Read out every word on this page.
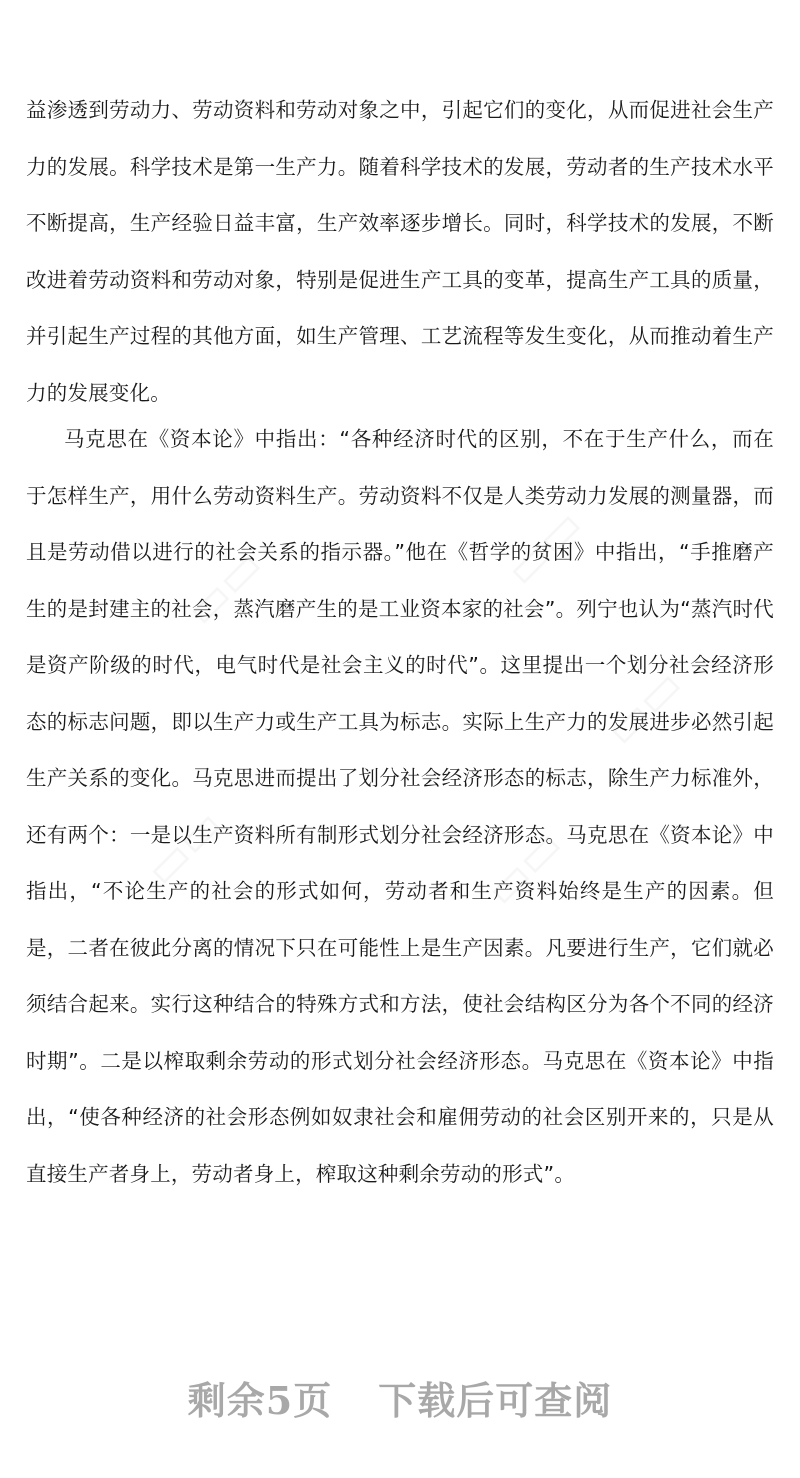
益渗透到劳动力、劳动资料和劳动对象之中，引起它们的变化，从而促进社会生产力的发展。科学技术是第一生产力。随着科学技术的发展，劳动者的生产技术水平不断提高，生产经验日益丰富，生产效率逐步增长。同时，科学技术的发展，不断改进着劳动资料和劳动对象，特别是促进生产工具的变革，提高生产工具的质量，并引起生产过程的其他方面，如生产管理、工艺流程等发生变化，从而推动着生产力的发展变化。

马克思在《资本论》中指出：“各种经济时代的区别，不在于生产什么，而在于怎样生产，用什么劳动资料生产。劳动资料不仅是人类劳动力发展的测量器，而且是劳动借以进行的社会关系的指示器。”他在《哲学的贫困》中指出，“手推磨产生的是封建主的社会，蒸汽磨产生的是工业资本家的社会”。列宁也认为“蒸汽时代是资产阶级的时代，电气时代是社会主义的时代”。这里提出一个划分社会经济形态的标志问题，即以生产力或生产工具为标志。实际上生产力的发展进步必然引起生产关系的变化。马克思进而提出了划分社会经济形态的标志，除生产力标准外，还有两个：一是以生产资料所有制形式划分社会经济形态。马克思在《资本论》中指出，“不论生产的社会的形式如何，劳动者和生产资料始终是生产的因素。但是，二者在彼此分离的情况下只在可能性上是生产因素。凡要进行生产，它们就必须结合起来。实行这种结合的特殊方式和方法，使社会结构区分为各个不同的经济时期”。二是以榨取剩余劳动的形式划分社会经济形态。马克思在《资本论》中指出，“使各种经济的社会形态例如奴隶社会和雇佣劳动的社会区别开来的，只是从直接生产者身上，劳动者身上，榨取这种剩余劳动的形式”。

▭▭	▭▭
▭▭
▭▭	▭▭
剩余5页 下载后可查阅
